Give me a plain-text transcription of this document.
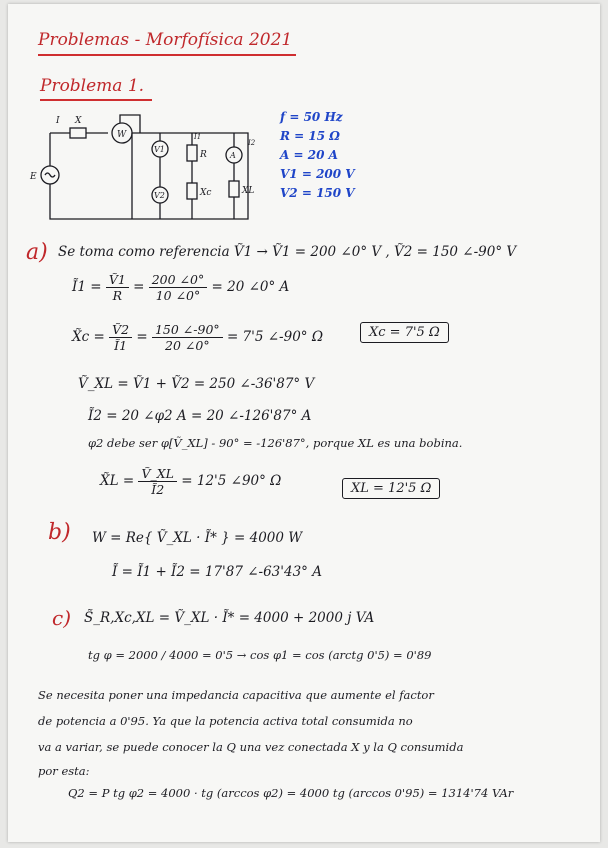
Problemas - Morfofísica 2021
Problema 1.
I X
W
E
V1
V2
R
Xc
A
XL
I1
I2
f = 50 Hz
R = 15 Ω
A = 20 A
V1 = 200 V
V2 = 150 V
a) Se toma como referencia Ṽ1 → Ṽ1 = 200 ∠0° V , Ṽ2 = 150 ∠-90° V
Ĩ1 = $\frac{\text{Ṽ1}}{R} = \frac{200 \angle 0^\circ}{10 \angle 0^\circ} = 20$ ∠0° A
X̃c = $\frac{\text{Ṽ2}}{Ĩ1} = \frac{150 \angle-90^\circ}{20 \angle 0^\circ} = 7'5$ ∠-90° Ω	Xc = 7'5 Ω
Ṽ_XL = Ṽ1 + Ṽ2 = 250 ∠-36'87° V
Ĩ2 = 20 ∠φ2 A = 20 ∠-126'87° A
φ2 debe ser φ[Ṽ_XL] - 90° = -126'87°, porque XL es una bobina.
X̃L = $\frac{\text{Ṽ\_XL}}{Ĩ2} = 12'5$ ∠90° Ω	XL = 12'5 Ω
b) W = Re{ Ṽ_XL · Ĩ* } = 4000 W
Ĩ = Ĩ1 + Ĩ2 = 17'87 ∠-63'43° A
c) S̃_R,Xc,XL = Ṽ_XL · Ĩ* = 4000 + 2000 j VA
tg φ = 2000 / 4000 = 0'5 → cos φ1 = cos (arctg 0'5) = 0'89
Se necesita poner una impedancia capacitiva que aumente el factor
de potencia a 0'95. Ya que la potencia activa total consumida no
va a variar, se puede conocer la Q una vez conectada X y la Q consumida
por esta:
Q2 = P tg φ2 = 4000 · tg (arccos φ2) = 4000 tg (arccos 0'95) = 1314'74 VAr
